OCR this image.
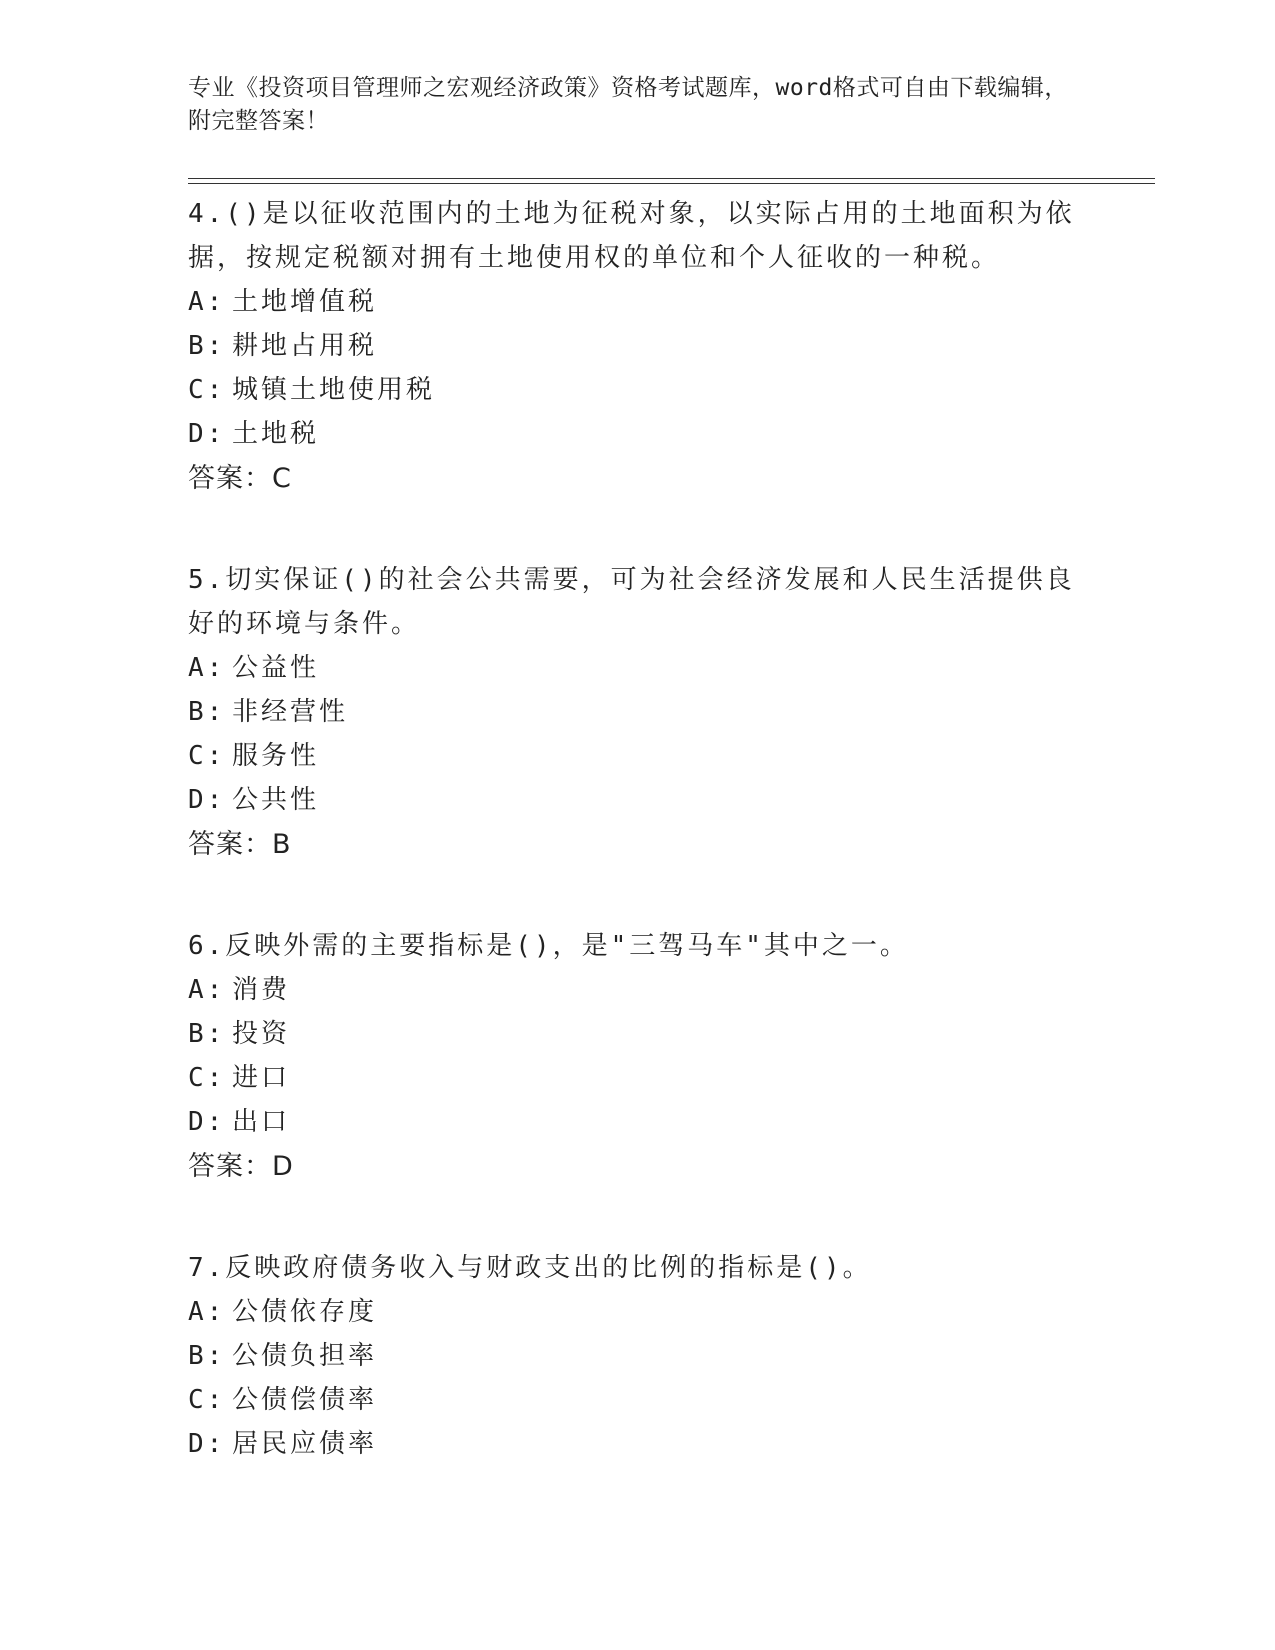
专业《投资项目管理师之宏观经济政策》资格考试题库，word格式可自由下载编辑，附完整答案！

4.()是以征收范围内的土地为征税对象，以实际占用的土地面积为依据，按规定税额对拥有土地使用权的单位和个人征收的一种税。

A: 土地增值税

B: 耕地占用税

C: 城镇土地使用税

D: 土地税

答案：C

5.切实保证()的社会公共需要，可为社会经济发展和人民生活提供良好的环境与条件。

A: 公益性

B: 非经营性

C: 服务性

D: 公共性

答案：B

6.反映外需的主要指标是()，是"三驾马车"其中之一。

A: 消费

B: 投资

C: 进口

D: 出口

答案：D

7.反映政府债务收入与财政支出的比例的指标是()。

A: 公债依存度

B: 公债负担率

C: 公债偿债率

D: 居民应债率
